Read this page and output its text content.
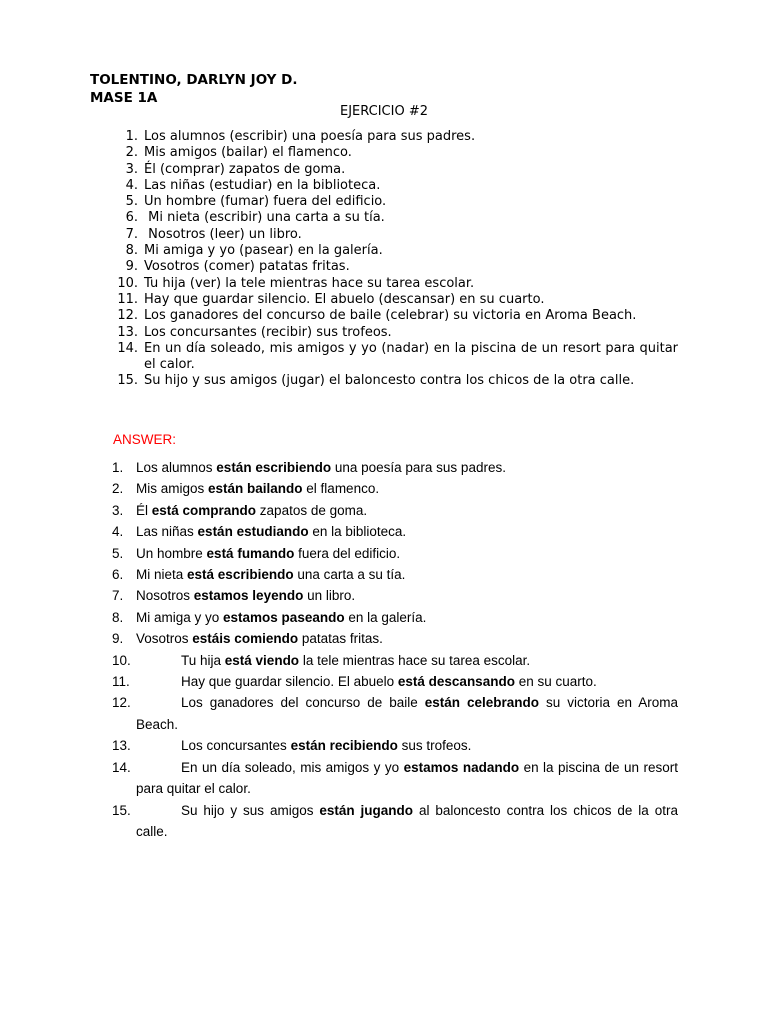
TOLENTINO, DARLYN JOY D.
MASE 1A
EJERCICIO #2
1. Los alumnos (escribir) una poesía para sus padres.
2. Mis amigos (bailar) el flamenco.
3. Él (comprar) zapatos de goma.
4. Las niñas (estudiar) en la biblioteca.
5. Un hombre (fumar) fuera del edificio.
6. Mi nieta (escribir) una carta a su tía.
7. Nosotros (leer) un libro.
8. Mi amiga y yo (pasear) en la galería.
9. Vosotros (comer) patatas fritas.
10. Tu hija (ver) la tele mientras hace su tarea escolar.
11. Hay que guardar silencio. El abuelo (descansar) en su cuarto.
12. Los ganadores del concurso de baile (celebrar) su victoria en Aroma Beach.
13. Los concursantes (recibir) sus trofeos.
14. En un día soleado, mis amigos y yo (nadar) en la piscina de un resort para quitar el calor.
15. Su hijo y sus amigos (jugar) el baloncesto contra los chicos de la otra calle.
ANSWER:
1. Los alumnos están escribiendo una poesía para sus padres.
2. Mis amigos están bailando el flamenco.
3. Él está comprando zapatos de goma.
4. Las niñas están estudiando en la biblioteca.
5. Un hombre está fumando fuera del edificio.
6. Mi nieta está escribiendo una carta a su tía.
7. Nosotros estamos leyendo un libro.
8. Mi amiga y yo estamos paseando en la galería.
9. Vosotros estáis comiendo patatas fritas.
10.	Tu hija está viendo la tele mientras hace su tarea escolar.
11.	Hay que guardar silencio. El abuelo está descansando en su cuarto.
12.	Los ganadores del concurso de baile están celebrando su victoria en Aroma Beach.
13.	Los concursantes están recibiendo sus trofeos.
14.	En un día soleado, mis amigos y yo estamos nadando en la piscina de un resort para quitar el calor.
15.	Su hijo y sus amigos están jugando al baloncesto contra los chicos de la otra calle.
